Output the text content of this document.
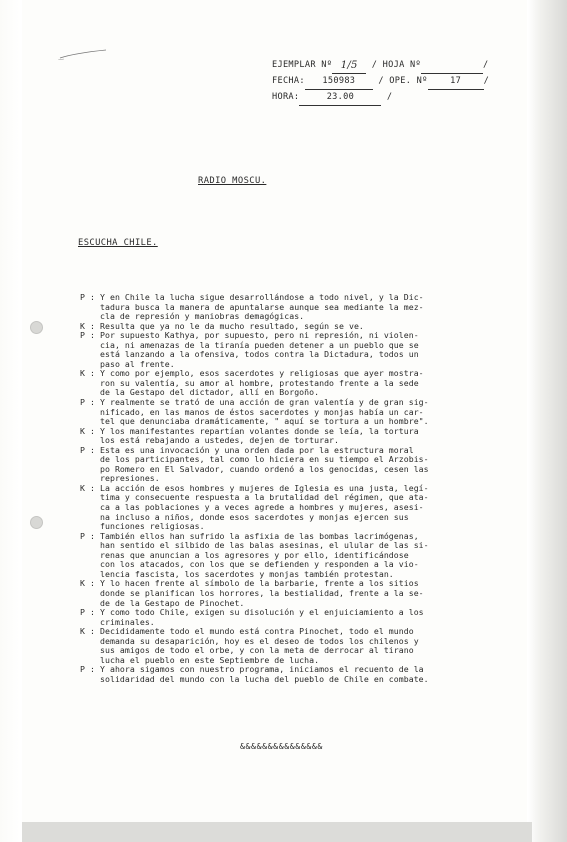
EJEMPLAR Nº 1/5
	/ HOJA Nº	/
FECHA:	150983
	/ OPE. Nº	17	/
HORA:	23.00
	/
RADIO MOSCU.
ESCUCHA CHILE.
P : Y en Chile la lucha sigue desarrollándose a todo nivel, y la Dic-
tadura busca la manera de apuntalarse aunque sea mediante la mez-
cla de represión y maniobras demagógicas.
K : Resulta que ya no le da mucho resultado, según se ve.
P : Por supuesto Kathya, por supuesto, pero ni represión, ni violen-
cia, ni amenazas de la tiranía pueden detener a un pueblo que se
está lanzando a la ofensiva, todos contra la Dictadura, todos un
paso al frente.
K : Y como por ejemplo, esos sacerdotes y religiosas que ayer mostra-
ron su valentía, su amor al hombre, protestando frente a la sede
de la Gestapo del dictador, allí en Borgoño.
P : Y realmente se trató de una acción de gran valentía y de gran sig-
nificado, en las manos de éstos sacerdotes y monjas había un car-
tel que denunciaba dramáticamente, " aquí se tortura a un hombre".
K : Y los manifestantes repartían volantes donde se leía, la tortura
los está rebajando a ustedes, dejen de torturar.
P : Esta es una invocación y una orden dada por la estructura moral
de los participantes, tal como lo hiciera en su tiempo el Arzobis-
po Romero en El Salvador, cuando ordenó a los genocidas, cesen las
represiones.
K : La acción de esos hombres y mujeres de Iglesia es una justa, legí-
tima y consecuente respuesta a la brutalidad del régimen, que ata-
ca a las poblaciones y a veces agrede a hombres y mujeres, asesi-
na incluso a niños, donde esos sacerdotes y monjas ejercen sus
funciones religiosas.
P : También ellos han sufrido la asfixia de las bombas lacrimógenas,
han sentido el silbido de las balas asesinas, el ulular de las si-
renas que anuncian a los agresores y por ello, identificándose
con los atacados, con los que se defienden y responden a la vio-
lencia fascista, los sacerdotes y monjas también protestan.
K : Y lo hacen frente al símbolo de la barbarie, frente a los sitios
donde se planifican los horrores, la bestialidad, frente a la se-
de de la Gestapo de Pinochet.
P : Y como todo Chile, exigen su disolución y el enjuiciamiento a los
criminales.
K : Decididamente todo el mundo está contra Pinochet, todo el mundo
demanda su desaparición, hoy es el deseo de todos los chilenos y
sus amigos de todo el orbe, y con la meta de derrocar al tirano
lucha el pueblo en este Septiembre de lucha.
P : Y ahora sigamos con nuestro programa, iniciamos el recuento de la
solidaridad del mundo con la lucha del pueblo de Chile en combate.
&&&&&&&&&&&&&&&
